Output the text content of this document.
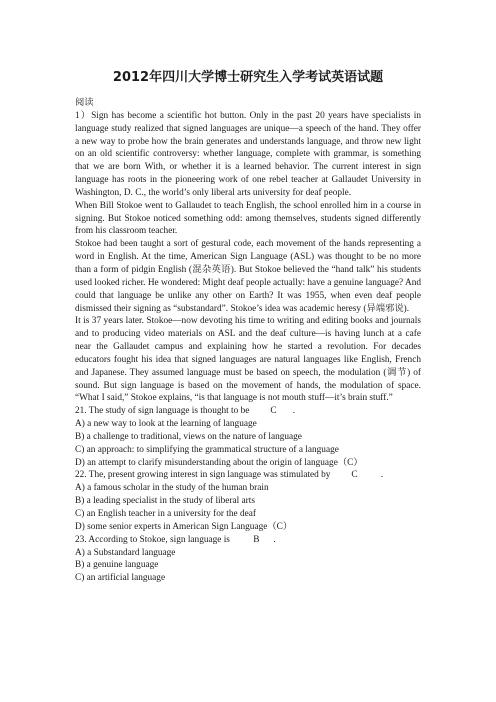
2012年四川大学博士研究生入学考试英语试题

阅读

1）Sign has become a scientific hot button. Only in the past 20 years have specialists in language study realized that signed languages are unique—a speech of the hand. They offer a new way to probe how the brain generates and understands language, and throw new light on an old scientific controversy: whether language, complete with grammar, is something that we are born With, or whether it is a learned behavior. The current interest in sign language has roots in the pioneering work of one rebel teacher at Gallaudet University in Washington, D. C., the world’s only liberal arts university for deaf people.

When Bill Stokoe went to Gallaudet to teach English, the school enrolled him in a course in signing. But Stokoe noticed something odd: among themselves, students signed differently from his classroom teacher.

Stokoe had been taught a sort of gestural code, each movement of the hands representing a word in English. At the time, American Sign Language (ASL) was thought to be no more than a form of pidgin English (混杂英语). But Stokoe believed the “hand talk” his students used looked richer. He wondered: Might deaf people actually: have a genuine language? And could that language be unlike any other on Earth? It was 1955, when even deaf people dismissed their signing as “substandard”. Stokoe’s idea was academic heresy (异端邪说).

It is 37 years later. Stokoe—now devoting his time to writing and editing books and journals and to producing video materials on ASL and the deaf culture—is having lunch at a cafe near the Gallaudet campus and explaining how he started a revolution. For decades educators fought his idea that signed languages are natural languages like English, French and Japanese. They assumed language must be based on speech, the modulation (调节) of sound. But sign language is based on the movement of hands, the modulation of space. “What I said,” Stokoe explains, “is that language is not mouth stuff—it’s brain stuff.”

21. The study of sign language is thought to be C .

A) a new way to look at the learning of language

B) a challenge to traditional, views on the nature of language

C) an approach: to simplifying the grammatical structure of a language

D) an attempt to clarify misunderstanding about the origin of language（C）

22. The, present growing interest in sign language was stimulated by C	.

A) a famous scholar in the study of the human brain

B) a leading specialist in the study of liberal arts

C) an English teacher in a university for the deaf

D) some senior experts in American Sign Language（C）

23. According to Stokoe, sign language is	B .

A) a Substandard language

B) a genuine language

C) an artificial language
